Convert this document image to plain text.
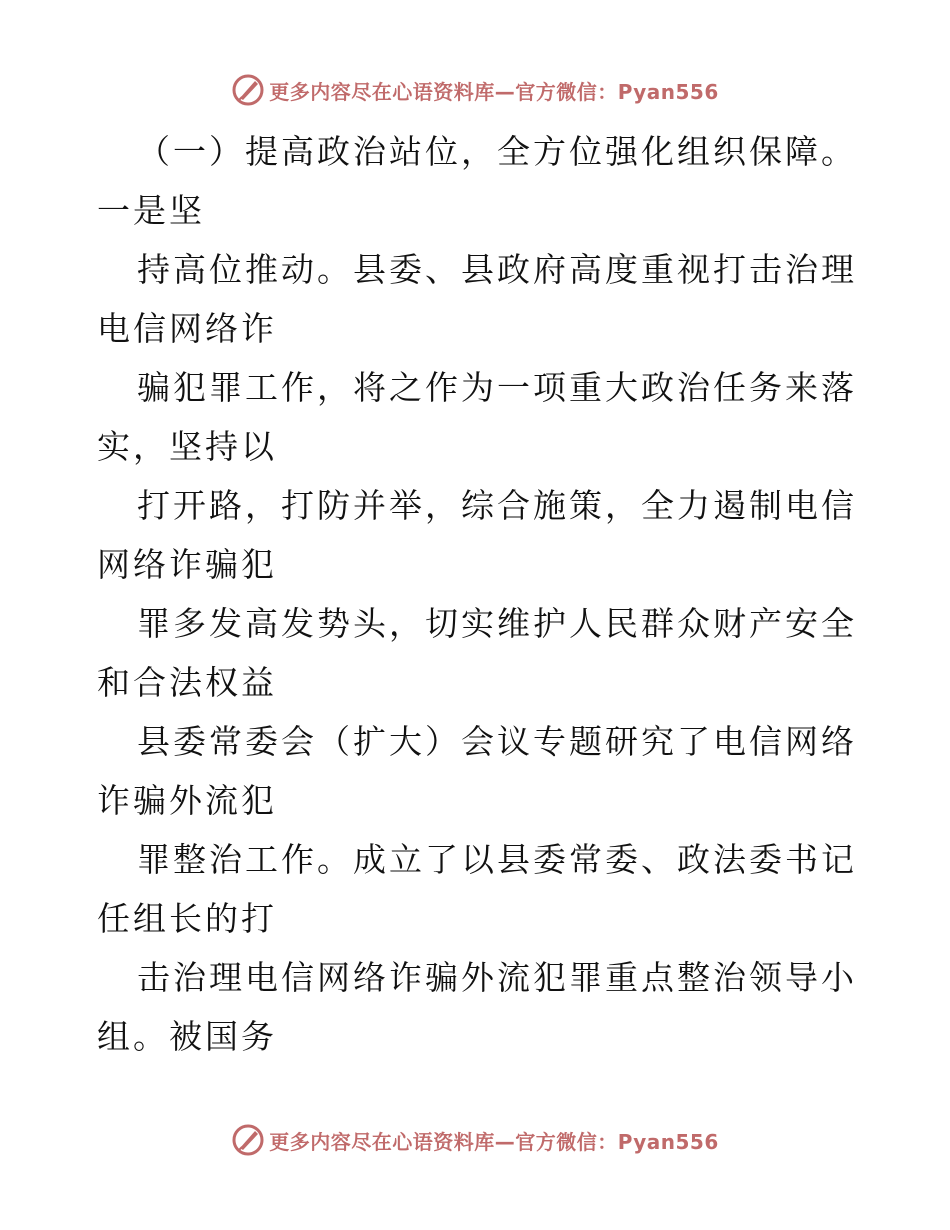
更多内容尽在心语资料库—官方微信：Pyan556

（一）提高政治站位，全方位强化组织保障。一是坚

持高位推动。县委、县政府高度重视打击治理电信网络诈

骗犯罪工作，将之作为一项重大政治任务来落实，坚持以

打开路，打防并举，综合施策，全力遏制电信网络诈骗犯

罪多发高发势头，切实维护人民群众财产安全和合法权益

县委常委会（扩大）会议专题研究了电信网络诈骗外流犯

罪整治工作。成立了以县委常委、政法委书记任组长的打

击治理电信网络诈骗外流犯罪重点整治领导小组。被国务

更多内容尽在心语资料库—官方微信：Pyan556
